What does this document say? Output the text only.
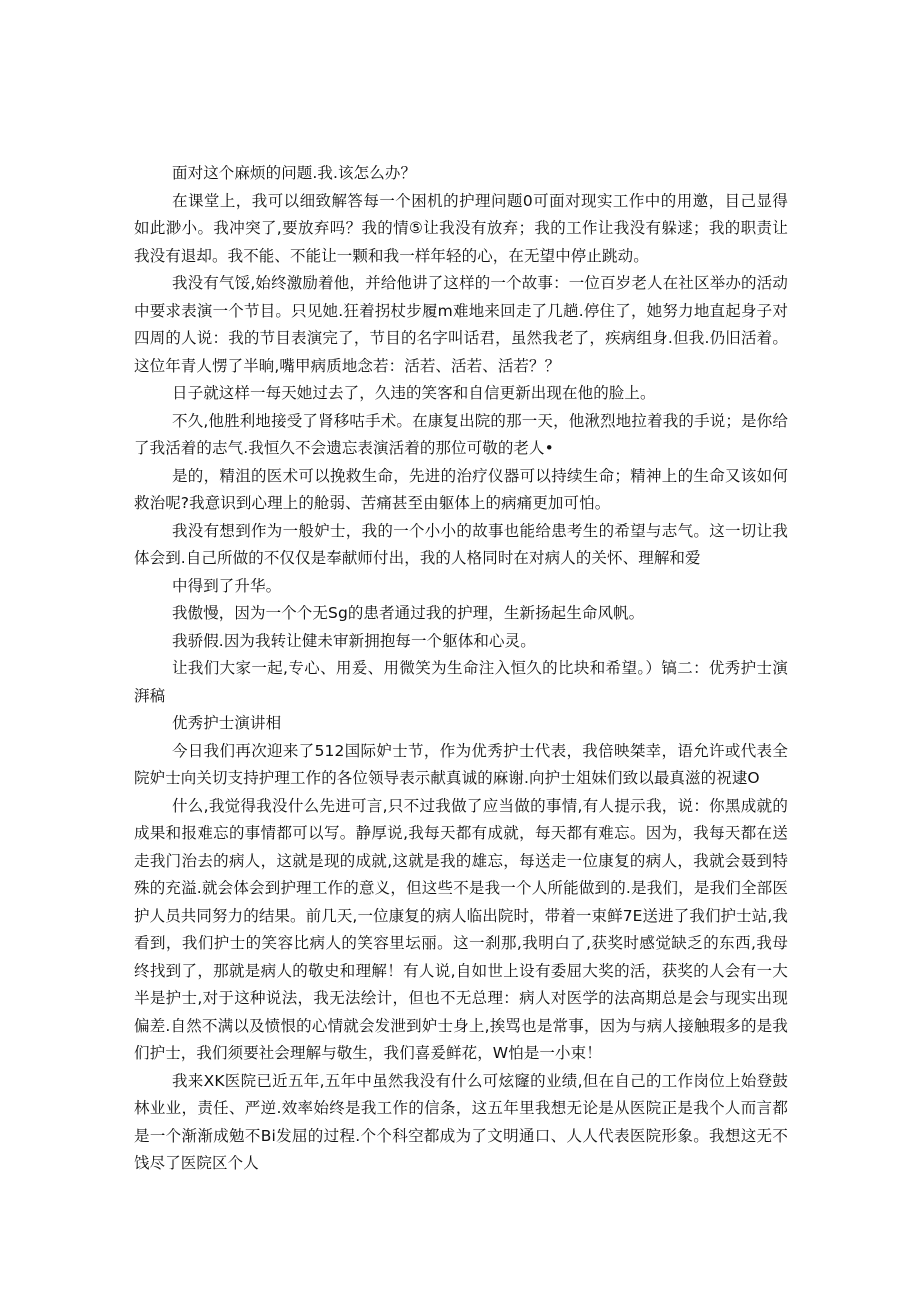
面对这个麻烦的问题.我.该怎么办？

在课堂上，我可以细致解答每一个困机的护理问题0可面对现实工作中的用邀，目己显得如此渺小。我冲突了,要放弃吗？我的情⑤让我没有放弃；我的工作让我没有躲逑；我的职责让我没有退却。我不能、不能让一颗和我一样年轻的心，在无望中停止跳动。

我没有气馁,始终激励着他，并给他讲了这样的一个故事：一位百岁老人在社区举办的活动中要求表演一个节目。只见她.狂着拐杖步履m难地来回走了几趟.停住了，她努力地直起身子对四周的人说：我的节目表演完了，节目的名字叫话君，虽然我老了，疾病组身.但我.仍旧活着。这位年青人愣了半晌,嘴甲病质地念若：活若、活若、活若？？

日子就这样一每天她过去了，久违的笑客和自信更新出现在他的脸上。

不久,他胜利地接受了肾移咕手术。在康复出院的那一天，他湫烈地拉着我的手说；是你给了我活着的志气.我恒久不会遗忘表演活着的那位可敬的老人•

是的，精沮的医术可以挽救生命，先进的治疗仪器可以持续生命；精神上的生命又该如何救治呢?我意识到心理上的舱弱、苦痛甚至由躯体上的病痛更加可怕。

我没有想到作为一般妒士，我的一个小小的故事也能给患考生的希望与志气。这一切让我体会到.自己所做的不仅仅是奉献师付出，我的人格同时在对病人的关怀、理解和爱

中得到了升华。

我傲慢，因为一个个无Sg的患者通过我的护理，生新扬起生命风帆。

我骄假.因为我转让健未审新拥抱每一个躯体和心灵。

让我们大家一起,专心、用爰、用微笑为生命注入恒久的比块和希望。）镐二：优秀护士演湃稿

优秀护士演讲相

今日我们再次迎来了512国际妒士节，作为优秀护士代表，我倍映桀幸，语允许或代表全院妒士向关切支持护理工作的各位领导表示献真诚的麻谢.向护士俎妹们致以最真滋的祝逮O

什么,我觉得我没什么先进可言,只不过我做了应当做的事情,有人提示我，说：你黑成就的成果和报难忘的事情都可以写。静厚说,我每天都有成就，每天都有难忘。因为，我每天都在送走我门治去的病人，这就是现的成就,这就是我的雄忘，每送走一位康复的病人，我就会聂到特殊的充溢.就会体会到护理工作的意义，但这些不是我一个人所能做到的.是我们，是我们全部医护人员共同努力的结果。前几天,一位康复的病人临出院时，带着一束鲜7E送进了我们护士站,我看到，我们护士的笑容比病人的笑容里坛丽。这一刹那,我明白了,获奖时感觉缺乏的东西,我母终找到了，那就是病人的敬史和理解！有人说,自如世上设有委屈大奖的活，获奖的人会有一大半是护士,对于这种说法，我无法绘计，但也不无总理：病人对医学的法高期总是会与现实出现偏差.自然不满以及愤恨的心情就会发泄到妒士身上,挨骂也是常事，因为与病人接触瑕多的是我们护士，我们须要社会理解与敬生，我们喜爰鲜花，W怕是一小束！

我来XK医院已近五年,五年中虽然我没有什么可炫窿的业绩,但在自己的工作岗位上始登鼓林业业，责任、严逆.效率始终是我工作的信条，这五年里我想无论是从医院正是我个人而言都是一个渐渐成勉不Bi发屈的过程.个个科空都成为了文明通口、人人代表医院形象。我想这无不饯尽了医院区个人
